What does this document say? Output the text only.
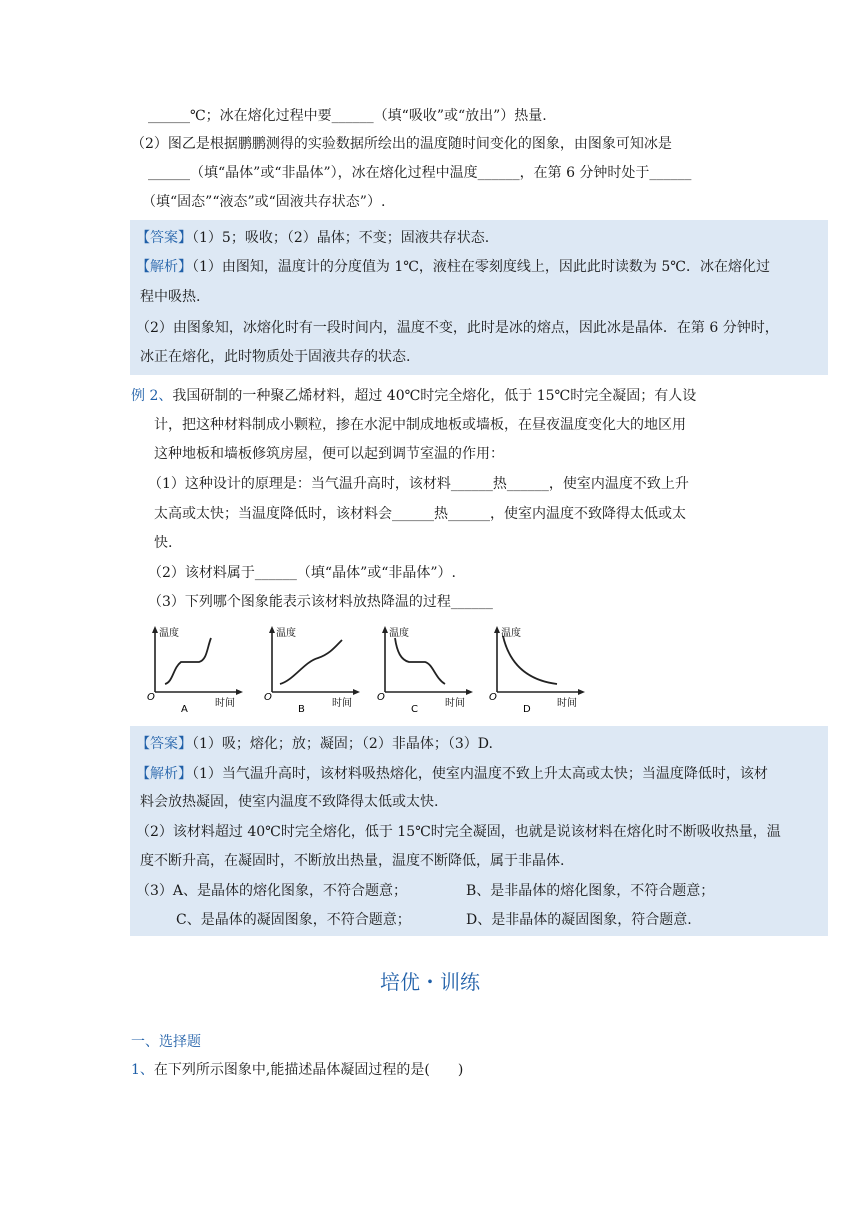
______℃；冰在熔化过程中要______（填“吸收”或“放出”）热量.
（2）图乙是根据鹏鹏测得的实验数据所绘出的温度随时间变化的图象，由图象可知冰是
______（填“晶体”或“非晶体”），冰在熔化过程中温度______，在第 6 分钟时处于______
（填“固态”“液态”或“固液共存状态”）.
【答案】（1）5；吸收；（2）晶体；不变；固液共存状态.
【解析】（1）由图知，温度计的分度值为 1℃，液柱在零刻度线上，因此此时读数为 5℃．冰在熔化过
程中吸热.
（2）由图象知，冰熔化时有一段时间内，温度不变，此时是冰的熔点，因此冰是晶体．在第 6 分钟时，
冰正在熔化，此时物质处于固液共存的状态.
例 2、我国研制的一种聚乙烯材料，超过 40℃时完全熔化，低于 15℃时完全凝固；有人设
计，把这种材料制成小颗粒，掺在水泥中制成地板或墙板，在昼夜温度变化大的地区用
这种地板和墙板修筑房屋，便可以起到调节室温的作用：
（1）这种设计的原理是：当气温升高时，该材料______热______，使室内温度不致上升
太高或太快；当温度降低时，该材料会______热______，使室内温度不致降得太低或太
快.
（2）该材料属于______（填“晶体”或“非晶体”）.
（3）下列哪个图象能表示该材料放热降温的过程______
温度
O
时间
A
温度
O
时间
B
温度
O
时间
C
温度
O
时间
D
【答案】（1）吸；熔化；放；凝固；（2）非晶体；（3）D.
【解析】（1）当气温升高时，该材料吸热熔化，使室内温度不致上升太高或太快；当温度降低时，该材
料会放热凝固，使室内温度不致降得太低或太快.
（2）该材料超过 40℃时完全熔化，低于 15℃时完全凝固，也就是说该材料在熔化时不断吸收热量，温
度不断升高，在凝固时，不断放出热量，温度不断降低，属于非晶体.
（3）A、是晶体的熔化图象，不符合题意；	B、是非晶体的熔化图象，不符合题意；
C、是晶体的凝固图象，不符合题意；	D、是非晶体的凝固图象，符合题意.
培优・训练
一、选择题
1、在下列所示图象中,能描述晶体凝固过程的是(　　)
